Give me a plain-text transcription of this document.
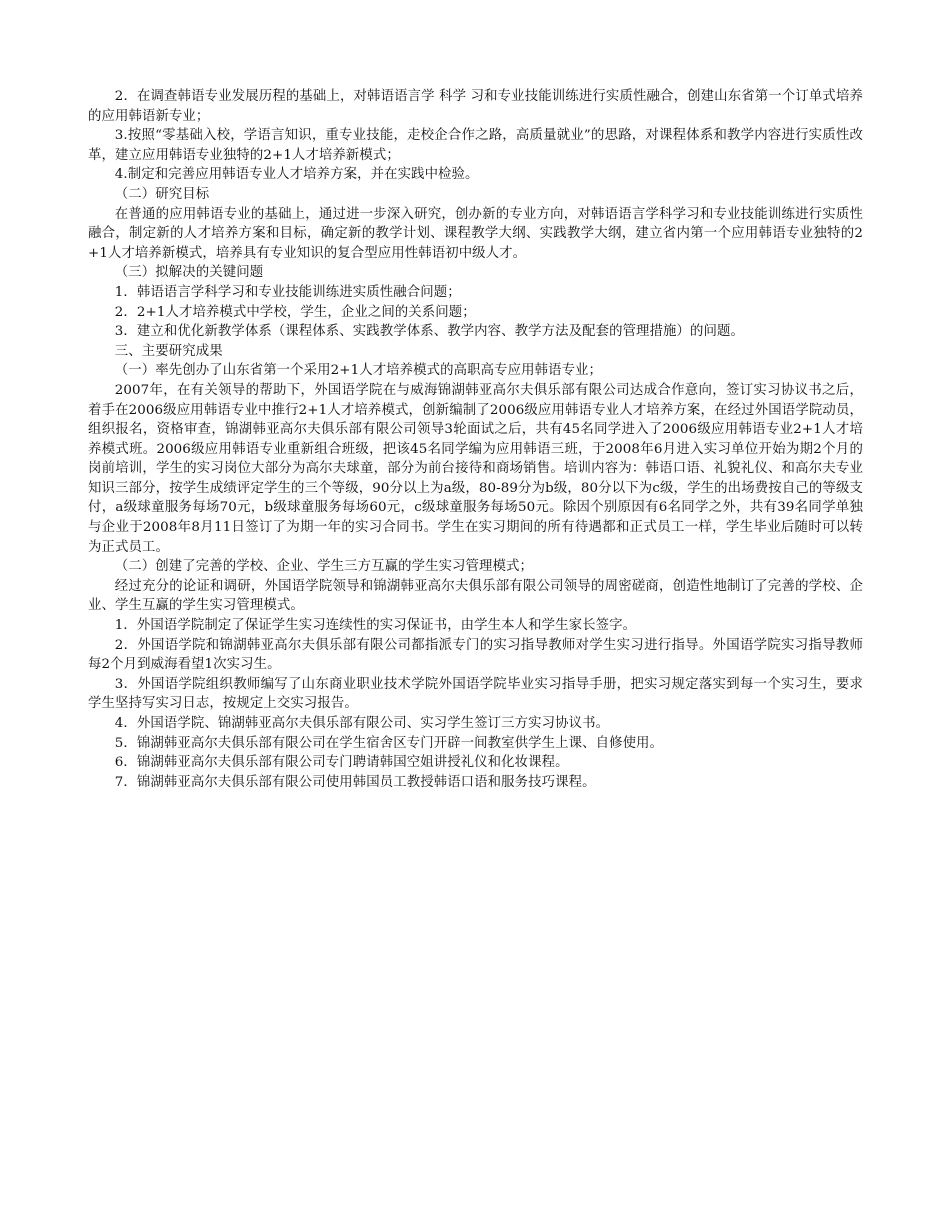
2．在调查韩语专业发展历程的基础上，对韩语语言学 科学 习和专业技能训练进行实质性融合，创建山东省第一个订单式培养的应用韩语新专业；

3.按照“零基础入校，学语言知识，重专业技能，走校企合作之路，高质量就业”的思路，对课程体系和教学内容进行实质性改革，建立应用韩语专业独特的2+1人才培养新模式；

4.制定和完善应用韩语专业人才培养方案，并在实践中检验。

（二）研究目标

在普通的应用韩语专业的基础上，通过进一步深入研究，创办新的专业方向，对韩语语言学科学习和专业技能训练进行实质性融合，制定新的人才培养方案和目标，确定新的教学计划、课程教学大纲、实践教学大纲，建立省内第一个应用韩语专业独特的2+1人才培养新模式，培养具有专业知识的复合型应用性韩语初中级人才。

（三）拟解决的关键问题

1．韩语语言学科学习和专业技能训练进实质性融合问题；

2．2+1人才培养模式中学校，学生，企业之间的关系问题；

3．建立和优化新教学体系（课程体系、实践教学体系、教学内容、教学方法及配套的管理措施）的问题。

三、主要研究成果

（一）率先创办了山东省第一个采用2+1人才培养模式的高职高专应用韩语专业；

2007年，在有关领导的帮助下，外国语学院在与威海锦湖韩亚高尔夫俱乐部有限公司达成合作意向，签订实习协议书之后，着手在2006级应用韩语专业中推行2+1人才培养模式，创新编制了2006级应用韩语专业人才培养方案，在经过外国语学院动员，组织报名，资格审查，锦湖韩亚高尔夫俱乐部有限公司领导3轮面试之后，共有45名同学进入了2006级应用韩语专业2+1人才培养模式班。2006级应用韩语专业重新组合班级，把该45名同学编为应用韩语三班，于2008年6月进入实习单位开始为期2个月的岗前培训，学生的实习岗位大部分为高尔夫球童，部分为前台接待和商场销售。培训内容为：韩语口语、礼貌礼仪、和高尔夫专业知识三部分，按学生成绩评定学生的三个等级，90分以上为a级，80-89分为b级，80分以下为c级，学生的出场费按自己的等级支付，a级球童服务每场70元，b级球童服务每场60元，c级球童服务每场50元。除因个别原因有6名同学之外，共有39名同学单独与企业于2008年8月11日签订了为期一年的实习合同书。学生在实习期间的所有待遇都和正式员工一样，学生毕业后随时可以转为正式员工。

（二）创建了完善的学校、企业、学生三方互赢的学生实习管理模式；

经过充分的论证和调研，外国语学院领导和锦湖韩亚高尔夫俱乐部有限公司领导的周密磋商，创造性地制订了完善的学校、企业、学生互赢的学生实习管理模式。

1．外国语学院制定了保证学生实习连续性的实习保证书，由学生本人和学生家长签字。

2．外国语学院和锦湖韩亚高尔夫俱乐部有限公司都指派专门的实习指导教师对学生实习进行指导。外国语学院实习指导教师每2个月到威海看望1次实习生。

3．外国语学院组织教师编写了山东商业职业技术学院外国语学院毕业实习指导手册，把实习规定落实到每一个实习生，要求学生坚持写实习日志，按规定上交实习报告。

4．外国语学院、锦湖韩亚高尔夫俱乐部有限公司、实习学生签订三方实习协议书。

5．锦湖韩亚高尔夫俱乐部有限公司在学生宿舍区专门开辟一间教室供学生上课、自修使用。

6．锦湖韩亚高尔夫俱乐部有限公司专门聘请韩国空姐讲授礼仪和化妆课程。

7．锦湖韩亚高尔夫俱乐部有限公司使用韩国员工教授韩语口语和服务技巧课程。
